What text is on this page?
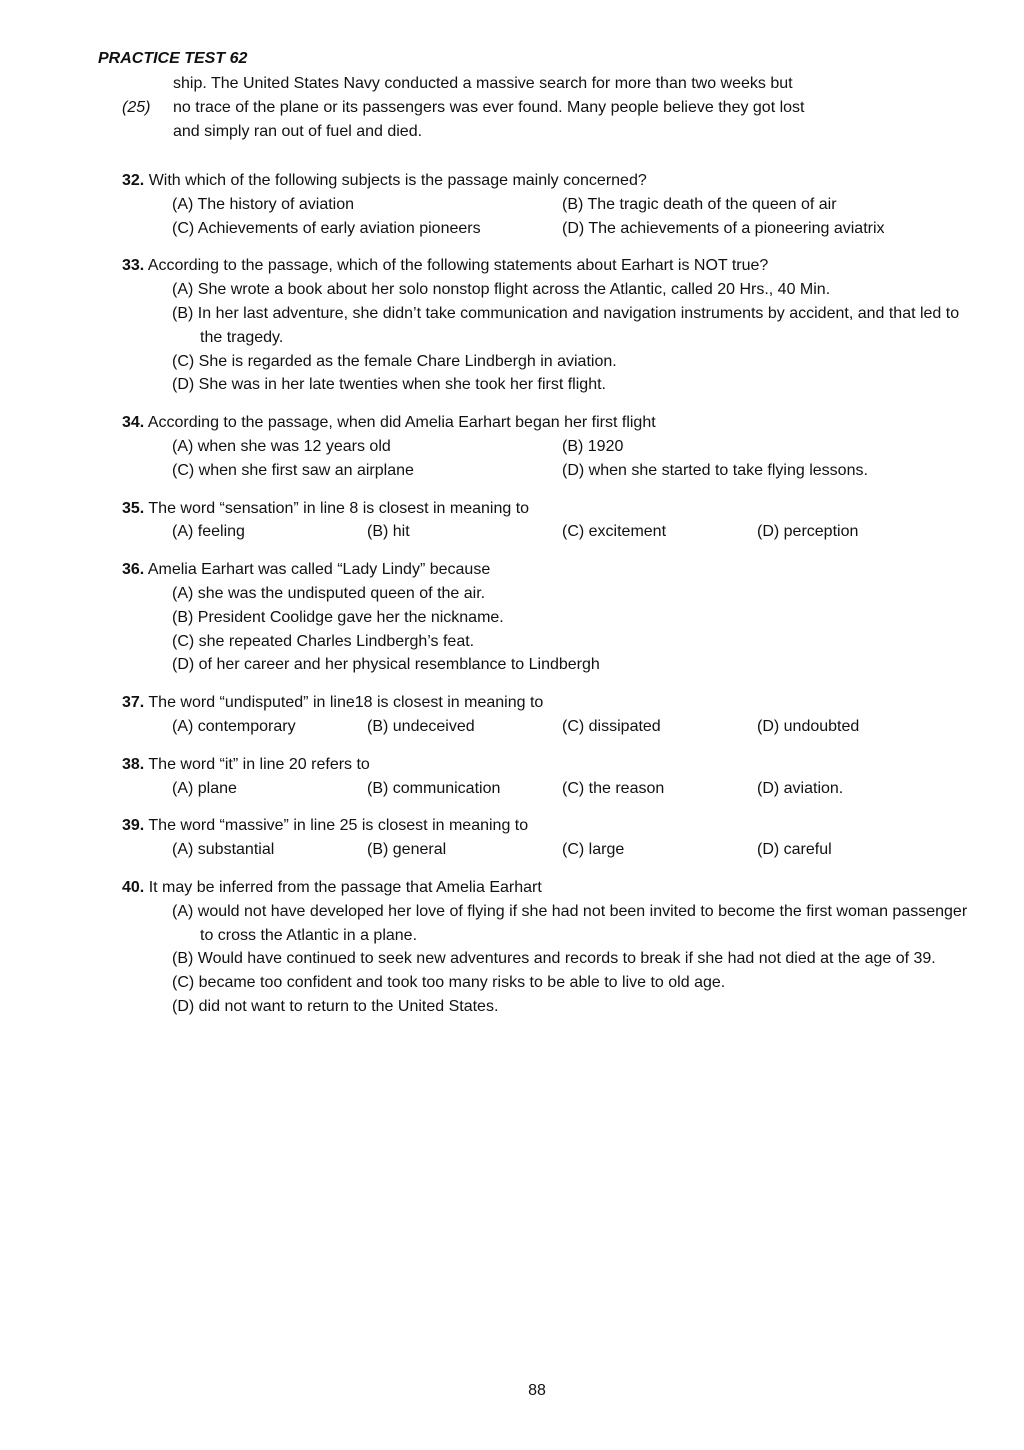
PRACTICE TEST 62
ship. The United States Navy conducted a massive search for more than two weeks but
(25) no trace of the plane or its passengers was ever found. Many people believe they got lost
and simply ran out of fuel and died.
32. With which of the following subjects is the passage mainly concerned?
(A) The history of aviation	(B) The tragic death of the queen of air
(C) Achievements of early aviation pioneers	(D) The achievements of a pioneering aviatrix
33. According to the passage, which of the following statements about Earhart is NOT true?
(A) She wrote a book about her solo nonstop flight across the Atlantic, called 20 Hrs., 40 Min.
(B) In her last adventure, she didn’t take communication and navigation instruments by accident, and that led to the tragedy.
(C) She is regarded as the female Chare Lindbergh in aviation.
(D) She was in her late twenties when she took her first flight.
34. According to the passage, when did Amelia Earhart began her first flight
(A) when she was 12 years old	(B) 1920
(C) when she first saw an airplane	(D) when she started to take flying lessons.
35. The word “sensation” in line 8 is closest in meaning to
(A) feeling	(B) hit	(C) excitement	(D) perception
36. Amelia Earhart was called “Lady Lindy” because
(A) she was the undisputed queen of the air.
(B) President Coolidge gave her the nickname.
(C) she repeated Charles Lindbergh’s feat.
(D) of her career and her physical resemblance to Lindbergh
37. The word “undisputed” in line18 is closest in meaning to
(A) contemporary	(B) undeceived	(C) dissipated	(D) undoubted
38. The word “it” in line 20 refers to
(A) plane	(B) communication	(C) the reason	(D) aviation.
39. The word “massive” in line 25 is closest in meaning to
(A) substantial	(B) general	(C) large	(D) careful
40. It may be inferred from the passage that Amelia Earhart
(A) would not have developed her love of flying if she had not been invited to become the first woman passenger to cross the Atlantic in a plane.
(B) Would have continued to seek new adventures and records to break if she had not died at the age of 39.
(C) became too confident and took too many risks to be able to live to old age.
(D) did not want to return to the United States.
88
